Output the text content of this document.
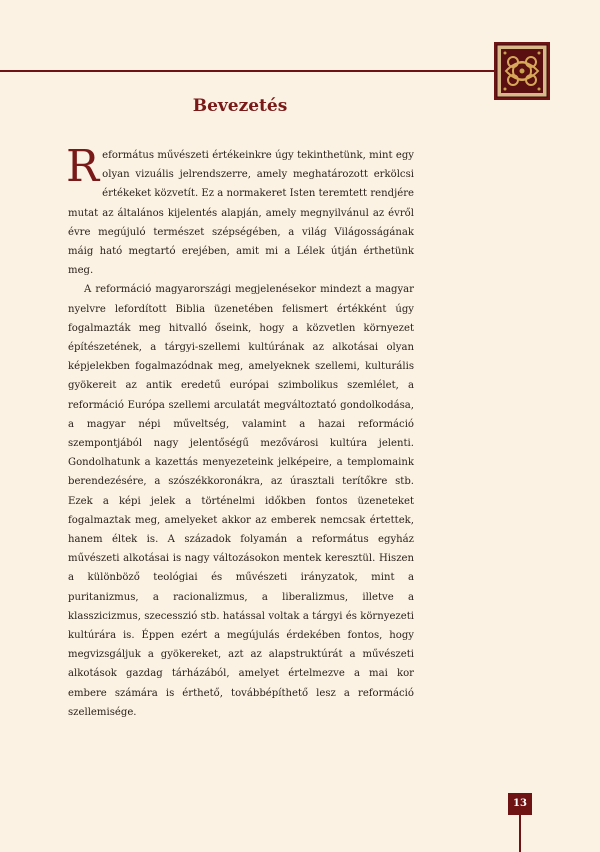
Bevezetés

Református művészeti értékeinkre úgy tekinthetünk, mint egy olyan vizuális jelrendszerre, amely meghatározott erkölcsi értékeket közvetít. Ez a normakeret Isten teremtett rendjére mutat az általános kijelentés alapján, amely megnyilvánul az évről évre megújuló természet szépségében, a világ Világosságának máig ható megtartó erejében, amit mi a Lélek útján érthetünk meg.

A reformáció magyarországi megjelenésekor mindezt a magyar nyelvre lefordított Biblia üzenetében felismert értékként úgy fogalmazták meg hitvalló őseink, hogy a közvetlen környezet építészetének, a tárgyi-szellemi kultúrának az alkotásai olyan képjelekben fogalmazódnak meg, amelyeknek szellemi, kulturális gyökereit az antik eredetű európai szimbolikus szemlélet, a reformáció Európa szellemi arculatát megváltoztató gondolkodása, a magyar népi műveltség, valamint a hazai reformáció szempontjából nagy jelentőségű mezővárosi kultúra jelenti. Gondolhatunk a kazettás menyezeteink jelképeire, a templomaink berendezésére, a szószékkoronákra, az úrasztali terítőkre stb. Ezek a képi jelek a történelmi időkben fontos üzeneteket fogalmaztak meg, amelyeket akkor az emberek nemcsak értettek, hanem éltek is. A századok folyamán a református egyház művészeti alkotásai is nagy változásokon mentek keresztül. Hiszen a különböző teológiai és művészeti irányzatok, mint a puritanizmus, a racionalizmus, a liberalizmus, illetve a klasszicizmus, szecesszió stb. hatással voltak a tárgyi és környezeti kultúrára is. Éppen ezért a megújulás érdekében fontos, hogy megvizsgáljuk a gyökereket, azt az alapstruktúrát a művészeti alkotások gazdag tárházából, amelyet értelmezve a mai kor embere számára is érthető, továbbépíthető lesz a reformáció szellemisége.

13
